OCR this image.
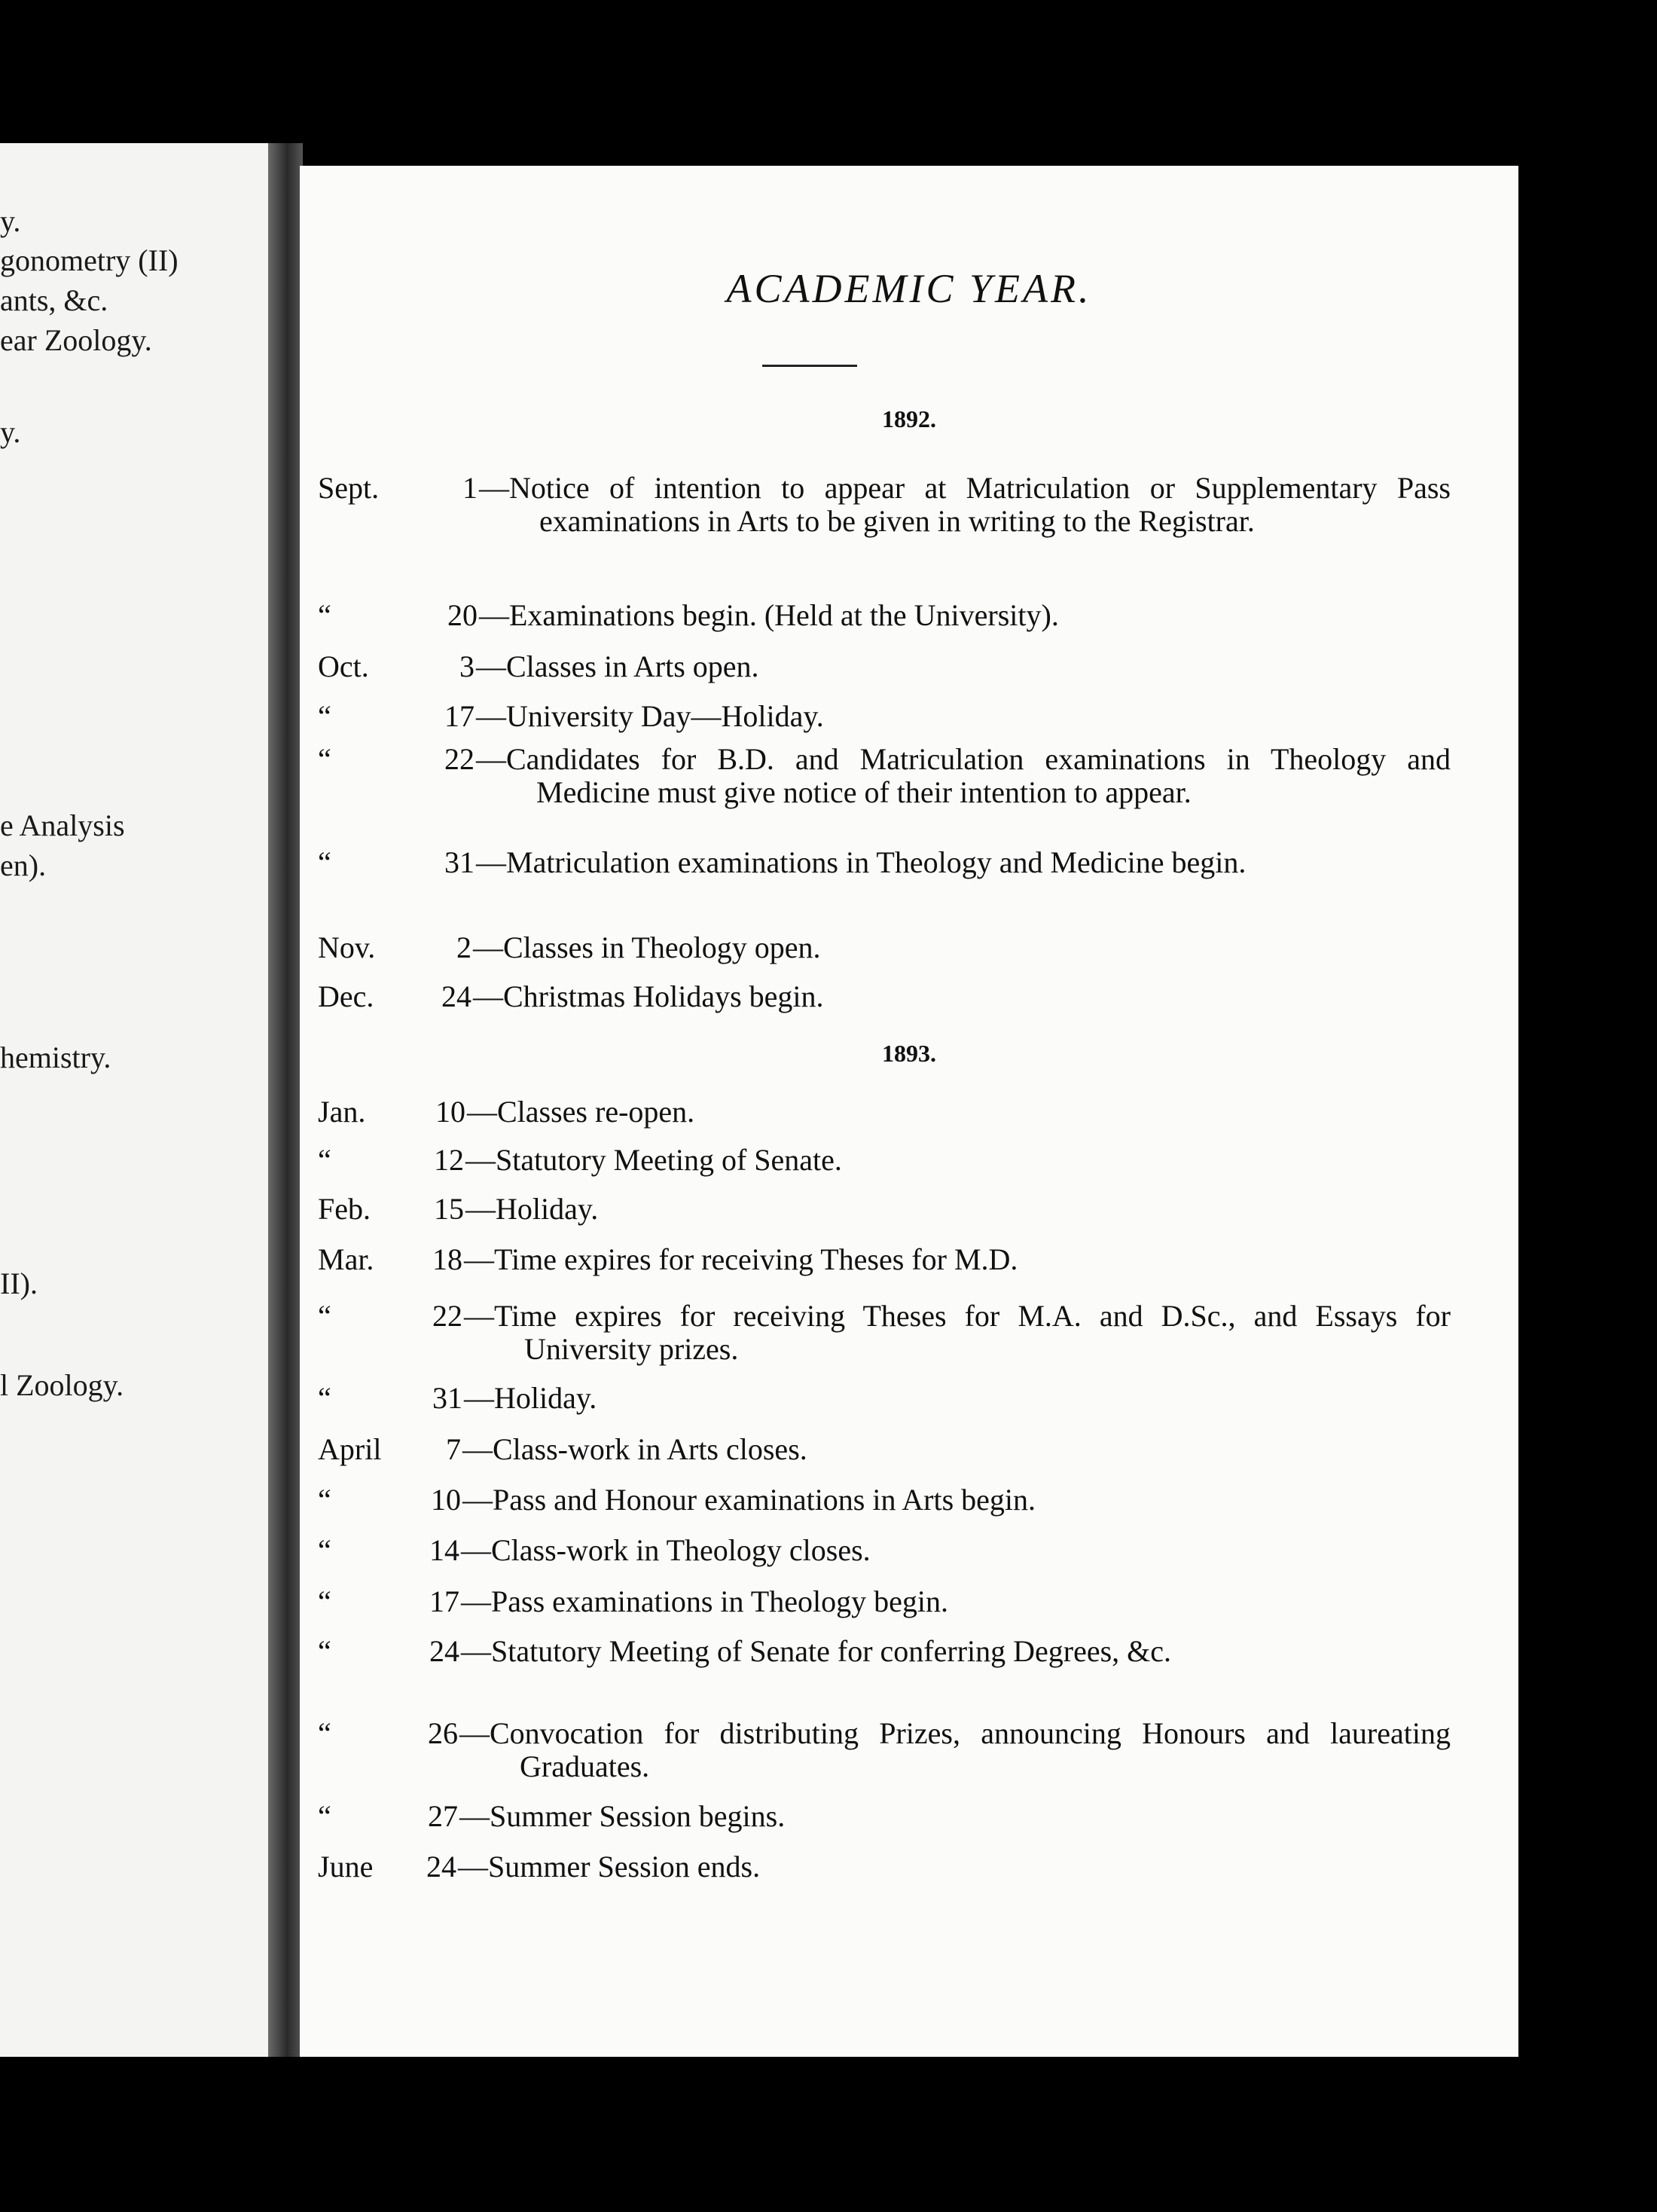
y.
gonometry (II)
ants, &c.
ear Zoology.
y.
e Analysis
en).
hemistry.
II).
l Zoology.
ACADEMIC YEAR.
1892.
1893.
Sept.	1 — Notice of intention to appear at Matriculation or Supplementary Pass examinations in Arts to be given in writing to the Registrar.
“	20 — Examinations begin. (Held at the University).
Oct.	3 — Classes in Arts open.
“	17 — University Day—Holiday.
“	22 — Candidates for B.D. and Matriculation examinations in Theology and Medicine must give notice of their intention to appear.
“	31 — Matriculation examinations in Theology and Medicine begin.
Nov.	2 — Classes in Theology open.
Dec.	24 — Christmas Holidays begin.
Jan.	10 — Classes re-open.
“	12 — Statutory Meeting of Senate.
Feb.	15 — Holiday.
Mar.	18 — Time expires for receiving Theses for M.D.
“	22 — Time expires for receiving Theses for M.A. and D.Sc., and Essays for University prizes.
“	31 — Holiday.
April	7 — Class-work in Arts closes.
“	10 — Pass and Honour examinations in Arts begin.
“	14 — Class-work in Theology closes.
“	17 — Pass examinations in Theology begin.
“	24 — Statutory Meeting of Senate for conferring Degrees, &c.
“	26 — Convocation for distributing Prizes, announcing Honours and laureating Graduates.
“	27 — Summer Session begins.
June	24 — Summer Session ends.
